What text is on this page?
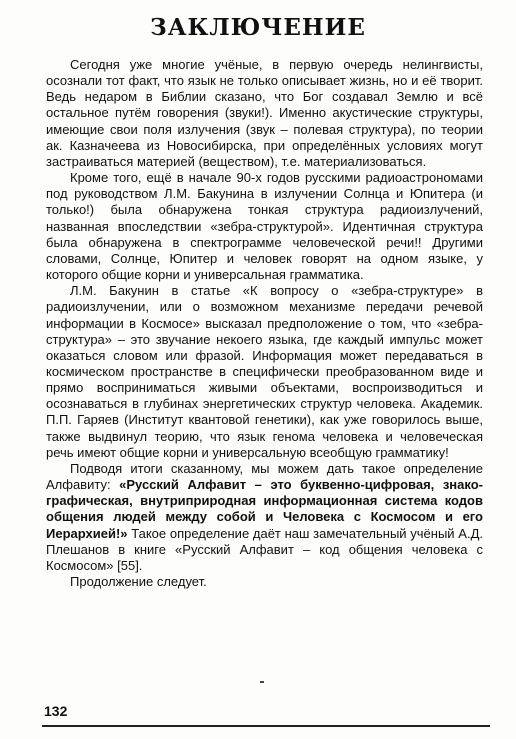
ЗАКЛЮЧЕНИЕ

Сегодня уже многие учёные, в первую очередь нелингвисты, осознали тот факт, что язык не только описывает жизнь, но и её творит. Ведь недаром в Библии сказано, что Бог создавал Землю и всё остальное путём говорения (звуки!). Именно акустические структуры, имеющие свои поля излучения (звук – полевая структура), по теории ак. Казначеева из Новосибирска, при определённых условиях могут застраиваться материей (веществом), т.е. материализоваться.

Кроме того, ещё в начале 90-х годов русскими радиоастрономами под руководством Л.М. Бакунина в излучении Солнца и Юпитера (и только!) была обнаружена тонкая структура радиоизлучений, названная впоследствии «зебра-структурой». Идентичная структура была обнаружена в спектрограмме человеческой речи!! Другими словами, Солнце, Юпитер и человек говорят на одном языке, у которого общие корни и универсальная грамматика.

Л.М. Бакунин в статье «К вопросу о «зебра-структуре» в радиоизлучении, или о возможном механизме передачи речевой информации в Космосе» высказал предположение о том, что «зебра-структура» – это звучание некоего языка, где каждый импульс может оказаться словом или фразой. Информация может передаваться в космическом пространстве в специфически преобразованном виде и прямо восприниматься живыми объектами, воспроизводиться и осознаваться в глубинах энергетических структур человека. Академик. П.П. Гаряев (Институт квантовой генетики), как уже говорилось выше, также выдвинул теорию, что язык генома человека и человеческая речь имеют общие корни и универсальную всеобщую грамматику!

Подводя итоги сказанному, мы можем дать такое определение Алфавиту: «Русский Алфавит – это буквенно-цифровая, знако-графическая, внутриприродная информационная система кодов общения людей между собой и Человека с Космосом и его Иерархией!» Такое определение даёт наш замечательный учёный А.Д. Плешанов в книге «Русский Алфавит – код общения человека с Космосом» [55].

Продолжение следует.

132
